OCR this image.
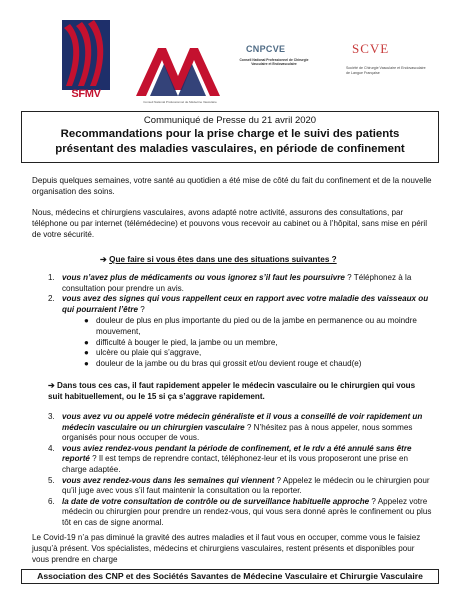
SFMV
Conseil National Professionnel de Médecine Vasculaire
CNPCVE
Conseil National Professionnel de Chirurgie Vasculaire et Endovasculaire
SCVE
Société de Chirurgie Vasculaire et Endovasculaire de Langue Française
Communiqué de Presse du 21 avril 2020
Recommandations pour la prise charge et le suivi des patients
présentant des maladies vasculaires, en période de confinement
Depuis quelques semaines, votre santé au quotidien a été mise de côté du fait du confinement et de la nouvelle organisation des soins.
Nous, médecins et chirurgiens vasculaires, avons adapté notre activité, assurons des consultations, par téléphone ou par internet (télémédecine) et pouvons vous recevoir au cabinet ou à l’hôpital, sans mise en péril de votre sécurité.
➔ Que faire si vous êtes dans une des situations suivantes ?
1. vous n’avez plus de médicaments ou vous ignorez s’il faut les poursuivre ? Téléphonez à la consultation pour prendre un avis.
2. vous avez des signes qui vous rappellent ceux en rapport avec votre maladie des vaisseaux ou qui pourraient l’être ?
● douleur de plus en plus importante du pied ou de la jambe en permanence ou au moindre mouvement,
● difficulté à bouger le pied, la jambe ou un membre,
● ulcère ou plaie qui s’aggrave,
● douleur de la jambe ou du bras qui grossit et/ou devient rouge et chaud(e)
➔ Dans tous ces cas, il faut rapidement appeler le médecin vasculaire ou le chirurgien qui vous suit habituellement, ou le 15 si ça s’aggrave rapidement.
3. vous avez vu ou appelé votre médecin généraliste et il vous a conseillé de voir rapidement un médecin vasculaire ou un chirurgien vasculaire ? N’hésitez pas à nous appeler, nous sommes organisés pour nous occuper de vous.
4. vous aviez rendez-vous pendant la période de confinement, et le rdv a été annulé sans être reporté ? Il est temps de reprendre contact, téléphonez-leur et ils vous proposeront une prise en charge adaptée.
5. vous avez rendez-vous dans les semaines qui viennent ? Appelez le médecin ou le chirurgien pour qu’il juge avec vous s’il faut maintenir la consultation ou la reporter.
6. la date de votre consultation de contrôle ou de surveillance habituelle approche ? Appelez votre médecin ou chirurgien pour prendre un rendez-vous, qui vous sera donné après le confinement ou plus tôt en cas de signe anormal.
Le Covid-19 n’a pas diminué la gravité des autres maladies et il faut vous en occuper, comme vous le faisiez jusqu’à présent. Vos spécialistes, médecins et chirurgiens vasculaires, restent présents et disponibles pour vous prendre en charge
Association des CNP et des Sociétés Savantes de Médecine Vasculaire et Chirurgie Vasculaire
